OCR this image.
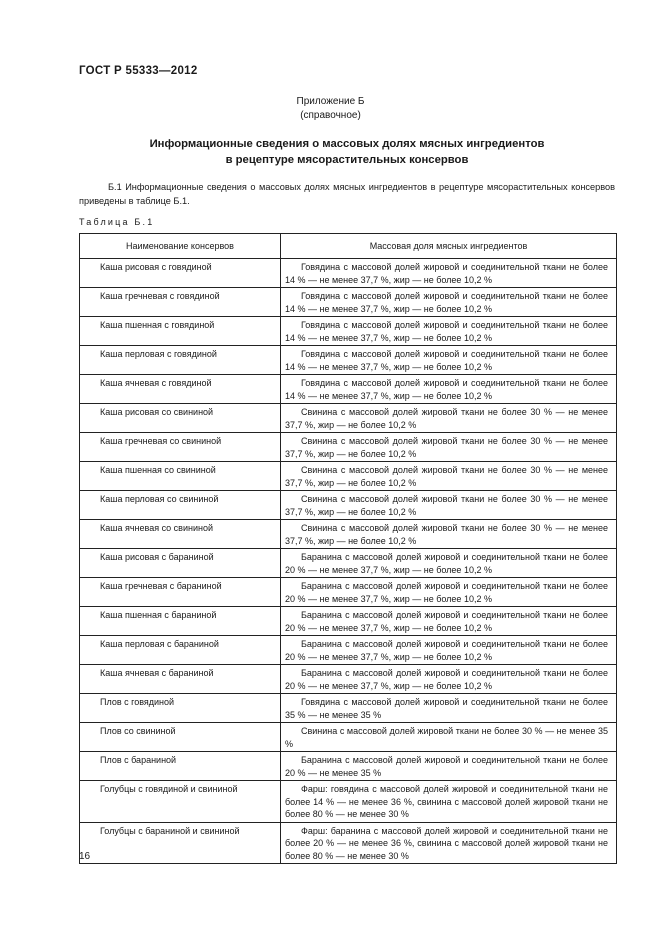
ГОСТ Р 55333—2012
Приложение Б
(справочное)
Информационные сведения о массовых долях мясных ингредиентов
в рецептуре мясорастительных консервов
Б.1 Информационные сведения о массовых долях мясных ингредиентов в рецептуре мясорастительных консервов приведены в таблице Б.1.
Таблица Б.1
Наименование консервов	Массовая доля мясных ингредиентов
Каша рисовая с говядиной	Говядина с массовой долей жировой и соединительной ткани не более 14 % — не менее 37,7 %, жир — не более 10,2 %
Каша гречневая с говядиной	Говядина с массовой долей жировой и соединительной ткани не более 14 % — не менее 37,7 %, жир — не более 10,2 %
Каша пшенная с говядиной	Говядина с массовой долей жировой и соединительной ткани не более 14 % — не менее 37,7 %, жир — не более 10,2 %
Каша перловая с говядиной	Говядина с массовой долей жировой и соединительной ткани не более 14 % — не менее 37,7 %, жир — не более 10,2 %
Каша ячневая с говядиной	Говядина с массовой долей жировой и соединительной ткани не более 14 % — не менее 37,7 %, жир — не более 10,2 %
Каша рисовая со свининой	Свинина с массовой долей жировой ткани не более 30 % — не менее 37,7 %, жир — не более 10,2 %
Каша гречневая со свининой	Свинина с массовой долей жировой ткани не более 30 % — не менее 37,7 %, жир — не более 10,2 %
Каша пшенная со свининой	Свинина с массовой долей жировой ткани не более 30 % — не менее 37,7 %, жир — не более 10,2 %
Каша перловая со свининой	Свинина с массовой долей жировой ткани не более 30 % — не менее 37,7 %, жир — не более 10,2 %
Каша ячневая со свининой	Свинина с массовой долей жировой ткани не более 30 % — не менее 37,7 %, жир — не более 10,2 %
Каша рисовая с бараниной	Баранина с массовой долей жировой и соединительной ткани не более 20 % — не менее 37,7 %, жир — не более 10,2 %
Каша гречневая с бараниной	Баранина с массовой долей жировой и соединительной ткани не более 20 % — не менее 37,7 %, жир — не более 10,2 %
Каша пшенная с бараниной	Баранина с массовой долей жировой и соединительной ткани не более 20 % — не менее 37,7 %, жир — не более 10,2 %
Каша перловая с бараниной	Баранина с массовой долей жировой и соединительной ткани не более 20 % — не менее 37,7 %, жир — не более 10,2 %
Каша ячневая с бараниной	Баранина с массовой долей жировой и соединительной ткани не более 20 % — не менее 37,7 %, жир — не более 10,2 %
Плов с говядиной	Говядина с массовой долей жировой и соединительной ткани не более 35 % — не менее 35 %
Плов со свининой	Свинина с массовой долей жировой ткани не более 30 % — не менее 35 %
Плов с бараниной	Баранина с массовой долей жировой и соединительной ткани не более 20 % — не менее 35 %
Голубцы с говядиной и свининой	Фарш: говядина с массовой долей жировой и соединительной ткани не более 14 % — не менее 36 %, свинина с массовой долей жировой ткани не более 80 % — не менее 30 %
Голубцы с бараниной и свининой	Фарш: баранина с массовой долей жировой и соединительной ткани не более 20 % — не менее 36 %, свинина с массовой долей жировой ткани не более 80 % — не менее 30 %
16
